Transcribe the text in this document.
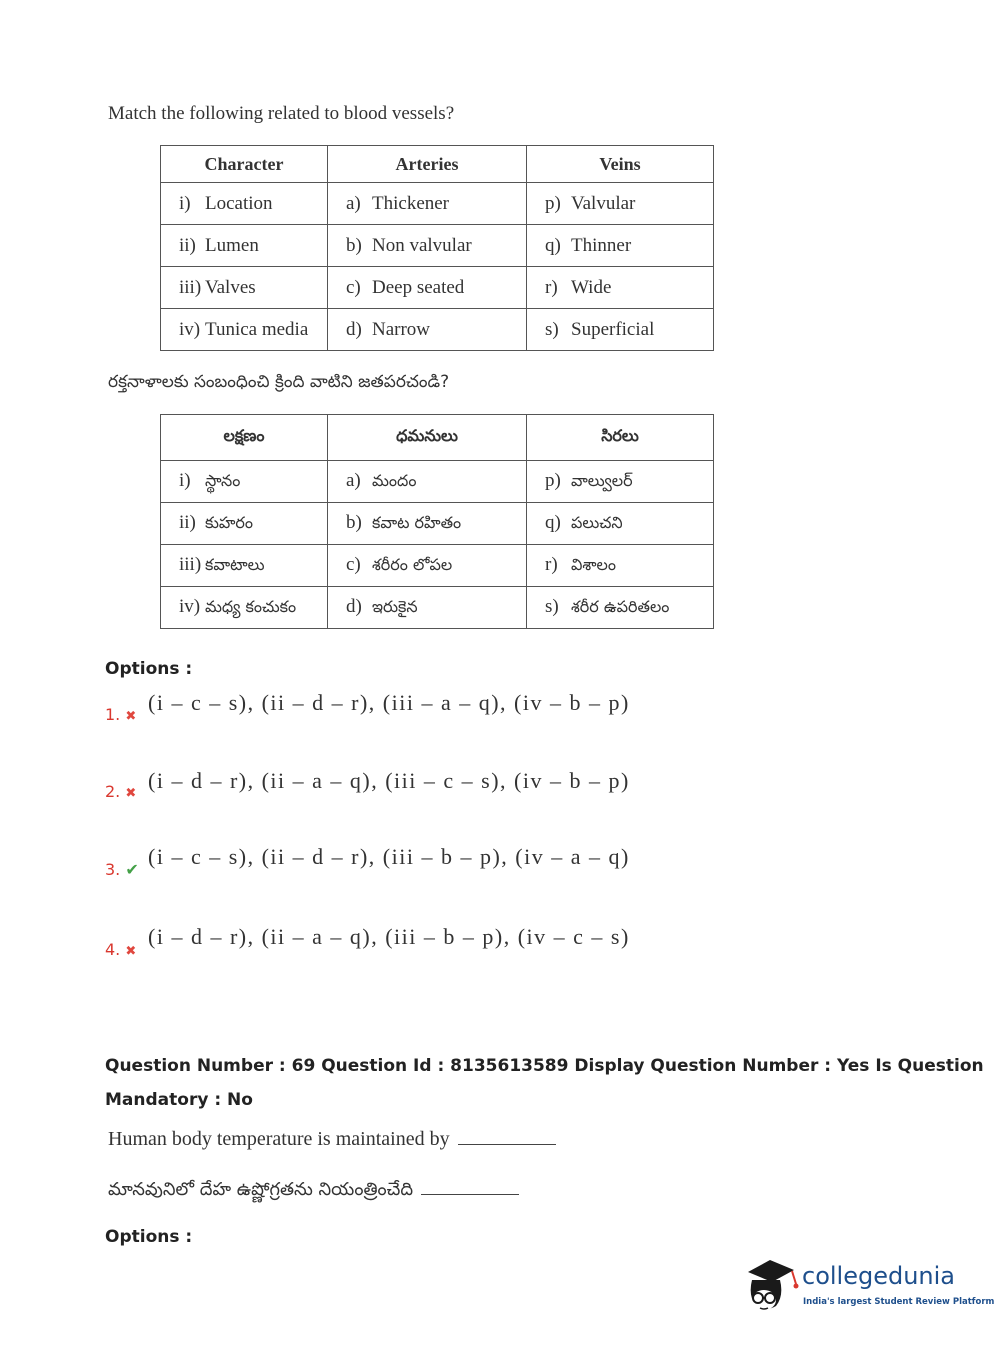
Match the following related to blood vessels?
Character	Arteries	Veins
i) Location	a) Thickener	p) Valvular
ii) Lumen	b) Non valvular	q) Thinner
iii) Valves	c) Deep seated	r) Wide
iv) Tunica media	d) Narrow	s) Superficial
రక్తనాళాలకు సంబంధించి క్రింది వాటిని జతపరచండి?
లక్షణం	ధమనులు	సిరలు
i) స్థానం	a) మందం	p) వాల్వులర్
ii) కుహరం	b) కవాట రహితం	q) పలుచని
iii) కవాటాలు	c) శరీరం లోపల	r) విశాలం
iv) మధ్య కంచుకం	d) ఇరుకైన	s) శరీర ఉపరితలం
Options :
1. ✖
(i – c – s), (ii – d – r), (iii – a – q), (iv – b – p)
2. ✖
(i – d – r), (ii – a – q), (iii – c – s), (iv – b – p)
3. ✔
(i – c – s), (ii – d – r), (iii – b – p), (iv – a – q)
4. ✖
(i – d – r), (ii – a – q), (iii – b – p), (iv – c – s)
Question Number : 69 Question Id : 8135613589 Display Question Number : Yes Is Question
Mandatory : No
Human body temperature is maintained by
మానవునిలో దేహ ఉష్ణోగ్రతను నియంత్రించేది
Options :
collegedunia
India's largest Student Review Platform
